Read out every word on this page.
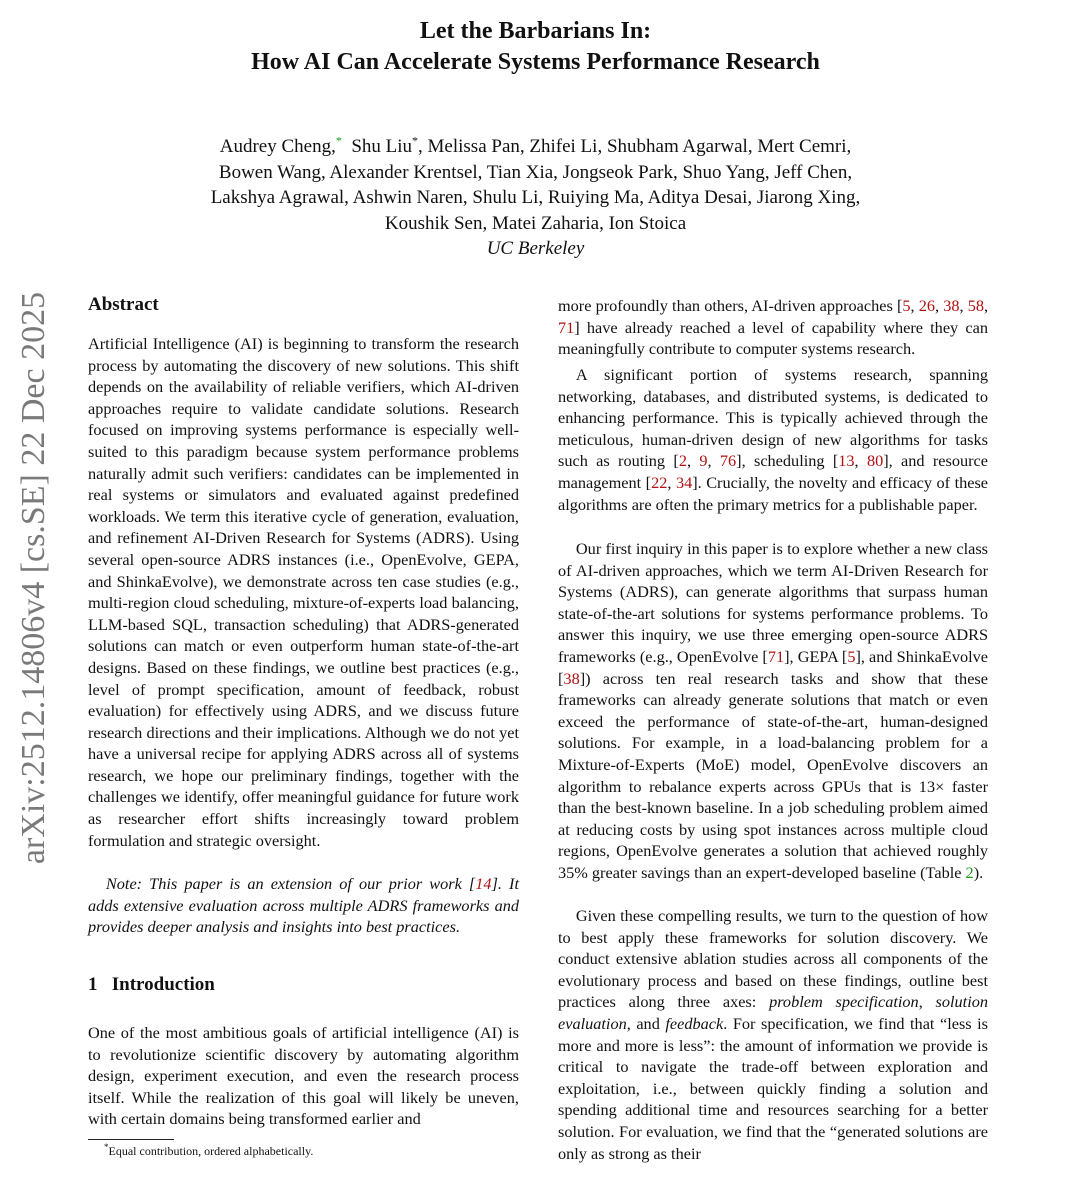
Let the Barbarians In:
How AI Can Accelerate Systems Performance Research
Audrey Cheng,* Shu Liu*, Melissa Pan, Zhifei Li, Shubham Agarwal, Mert Cemri,
Bowen Wang, Alexander Krentsel, Tian Xia, Jongseok Park, Shuo Yang, Jeff Chen,
Lakshya Agrawal, Ashwin Naren, Shulu Li, Ruiying Ma, Aditya Desai, Jiarong Xing,
Koushik Sen, Matei Zaharia, Ion Stoica
UC Berkeley
arXiv:2512.14806v4 [cs.SE] 22 Dec 2025 Abstract
Artificial Intelligence (AI) is beginning to transform the research process by automating the discovery of new solutions. This shift depends on the availability of reliable verifiers, which AI-driven approaches require to validate candidate solutions. Research focused on improving systems performance is especially well-suited to this paradigm because system performance problems naturally admit such verifiers: candidates can be implemented in real systems or simulators and evaluated against predefined workloads. We term this iterative cycle of generation, evaluation, and refinement AI-Driven Research for Systems (ADRS). Using several open-source ADRS instances (i.e., OpenEvolve, GEPA, and ShinkaEvolve), we demonstrate across ten case studies (e.g., multi-region cloud scheduling, mixture-of-experts load balancing, LLM-based SQL, transaction scheduling) that ADRS-generated solutions can match or even outperform human state-of-the-art designs. Based on these findings, we outline best practices (e.g., level of prompt specification, amount of feedback, robust evaluation) for effectively using ADRS, and we discuss future research directions and their implications. Although we do not yet have a universal recipe for applying ADRS across all of systems research, we hope our preliminary findings, together with the challenges we identify, offer meaningful guidance for future work as researcher effort shifts increasingly toward problem formulation and strategic oversight.
Note: This paper is an extension of our prior work [14]. It adds extensive evaluation across multiple ADRS frameworks and provides deeper analysis and insights into best practices.
1 Introduction
One of the most ambitious goals of artificial intelligence (AI) is to revolutionize scientific discovery by automating algorithm design, experiment execution, and even the research process itself. While the realization of this goal will likely be uneven, with certain domains being transformed earlier and
more profoundly than others, AI-driven approaches [5, 26, 38, 58, 71] have already reached a level of capability where they can meaningfully contribute to computer systems research.
A significant portion of systems research, spanning networking, databases, and distributed systems, is dedicated to enhancing performance. This is typically achieved through the meticulous, human-driven design of new algorithms for tasks such as routing [2, 9, 76], scheduling [13, 80], and resource management [22, 34]. Crucially, the novelty and efficacy of these algorithms are often the primary metrics for a publishable paper.
Our first inquiry in this paper is to explore whether a new class of AI-driven approaches, which we term AI-Driven Research for Systems (ADRS), can generate algorithms that surpass human state-of-the-art solutions for systems performance problems. To answer this inquiry, we use three emerging open-source ADRS frameworks (e.g., OpenEvolve [71], GEPA [5], and ShinkaEvolve [38]) across ten real research tasks and show that these frameworks can already generate solutions that match or even exceed the performance of state-of-the-art, human-designed solutions. For example, in a load-balancing problem for a Mixture-of-Experts (MoE) model, OpenEvolve discovers an algorithm to rebalance experts across GPUs that is 13× faster than the best-known baseline. In a job scheduling problem aimed at reducing costs by using spot instances across multiple cloud regions, OpenEvolve generates a solution that achieved roughly 35% greater savings than an expert-developed baseline (Table 2).
Given these compelling results, we turn to the question of how to best apply these frameworks for solution discovery. We conduct extensive ablation studies across all components of the evolutionary process and based on these findings, outline best practices along three axes: problem specification, solution evaluation, and feedback. For specification, we find that “less is more and more is less”: the amount of information we provide is critical to navigate the trade-off between exploration and exploitation, i.e., between quickly finding a solution and spending additional time and resources searching for a better solution. For evaluation, we find that the “generated solutions are only as strong as their
*Equal contribution, ordered alphabetically.
